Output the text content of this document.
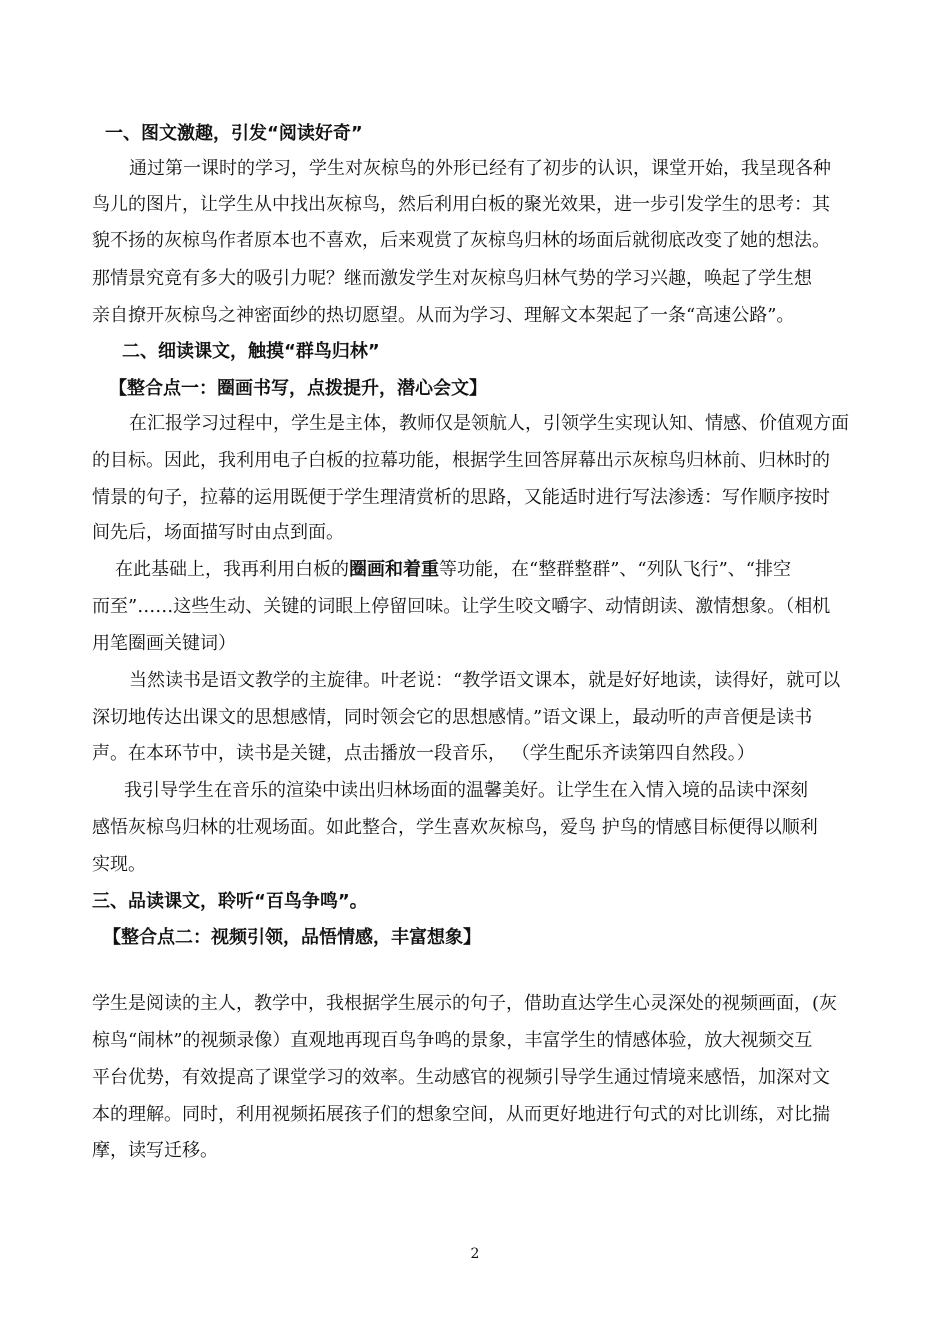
一、图文激趣，引发“阅读好奇”
通过第一课时的学习，学生对灰椋鸟的外形已经有了初步的认识，课堂开始，我呈现各种
鸟儿的图片，让学生从中找出灰椋鸟，然后利用白板的聚光效果，进一步引发学生的思考：其
貌不扬的灰椋鸟作者原本也不喜欢，后来观赏了灰椋鸟归林的场面后就彻底改变了她的想法。
那情景究竟有多大的吸引力呢？继而激发学生对灰椋鸟归林气势的学习兴趣，唤起了学生想
亲自撩开灰椋鸟之神密面纱的热切愿望。从而为学习、理解文本架起了一条“高速公路”。
二、细读课文，触摸“群鸟归林”
【整合点一：圈画书写，点拨提升，潜心会文】
在汇报学习过程中，学生是主体，教师仅是领航人，引领学生实现认知、情感、价值观方面
的目标。因此，我利用电子白板的拉幕功能，根据学生回答屏幕出示灰椋鸟归林前、归林时的
情景的句子，拉幕的运用既便于学生理清赏析的思路，又能适时进行写法渗透：写作顺序按时
间先后，场面描写时由点到面。
在此基础上，我再利用白板的圈画和着重等功能，在“整群整群”、“列队飞行”、“排空
而至”……这些生动、关键的词眼上停留回味。让学生咬文嚼字、动情朗读、激情想象。（相机
用笔圈画关键词）
当然读书是语文教学的主旋律。叶老说：“教学语文课本，就是好好地读，读得好，就可以
深切地传达出课文的思想感情，同时领会它的思想感情。”语文课上，最动听的声音便是读书
声。在本环节中，读书是关键，点击播放一段音乐， （学生配乐齐读第四自然段。）
我引导学生在音乐的渲染中读出归林场面的温馨美好。让学生在入情入境的品读中深刻
感悟灰椋鸟归林的壮观场面。如此整合，学生喜欢灰椋鸟，爱鸟 护鸟的情感目标便得以顺利
实现。
三、品读课文，聆听“百鸟争鸣”。
【整合点二：视频引领，品悟情感，丰富想象】
学生是阅读的主人，教学中，我根据学生展示的句子，借助直达学生心灵深处的视频画面，(灰
椋鸟“闹林”的视频录像）直观地再现百鸟争鸣的景象，丰富学生的情感体验，放大视频交互
平台优势，有效提高了课堂学习的效率。生动感官的视频引导学生通过情境来感悟，加深对文
本的理解。同时，利用视频拓展孩子们的想象空间，从而更好地进行句式的对比训练，对比揣
摩，读写迁移。
2
